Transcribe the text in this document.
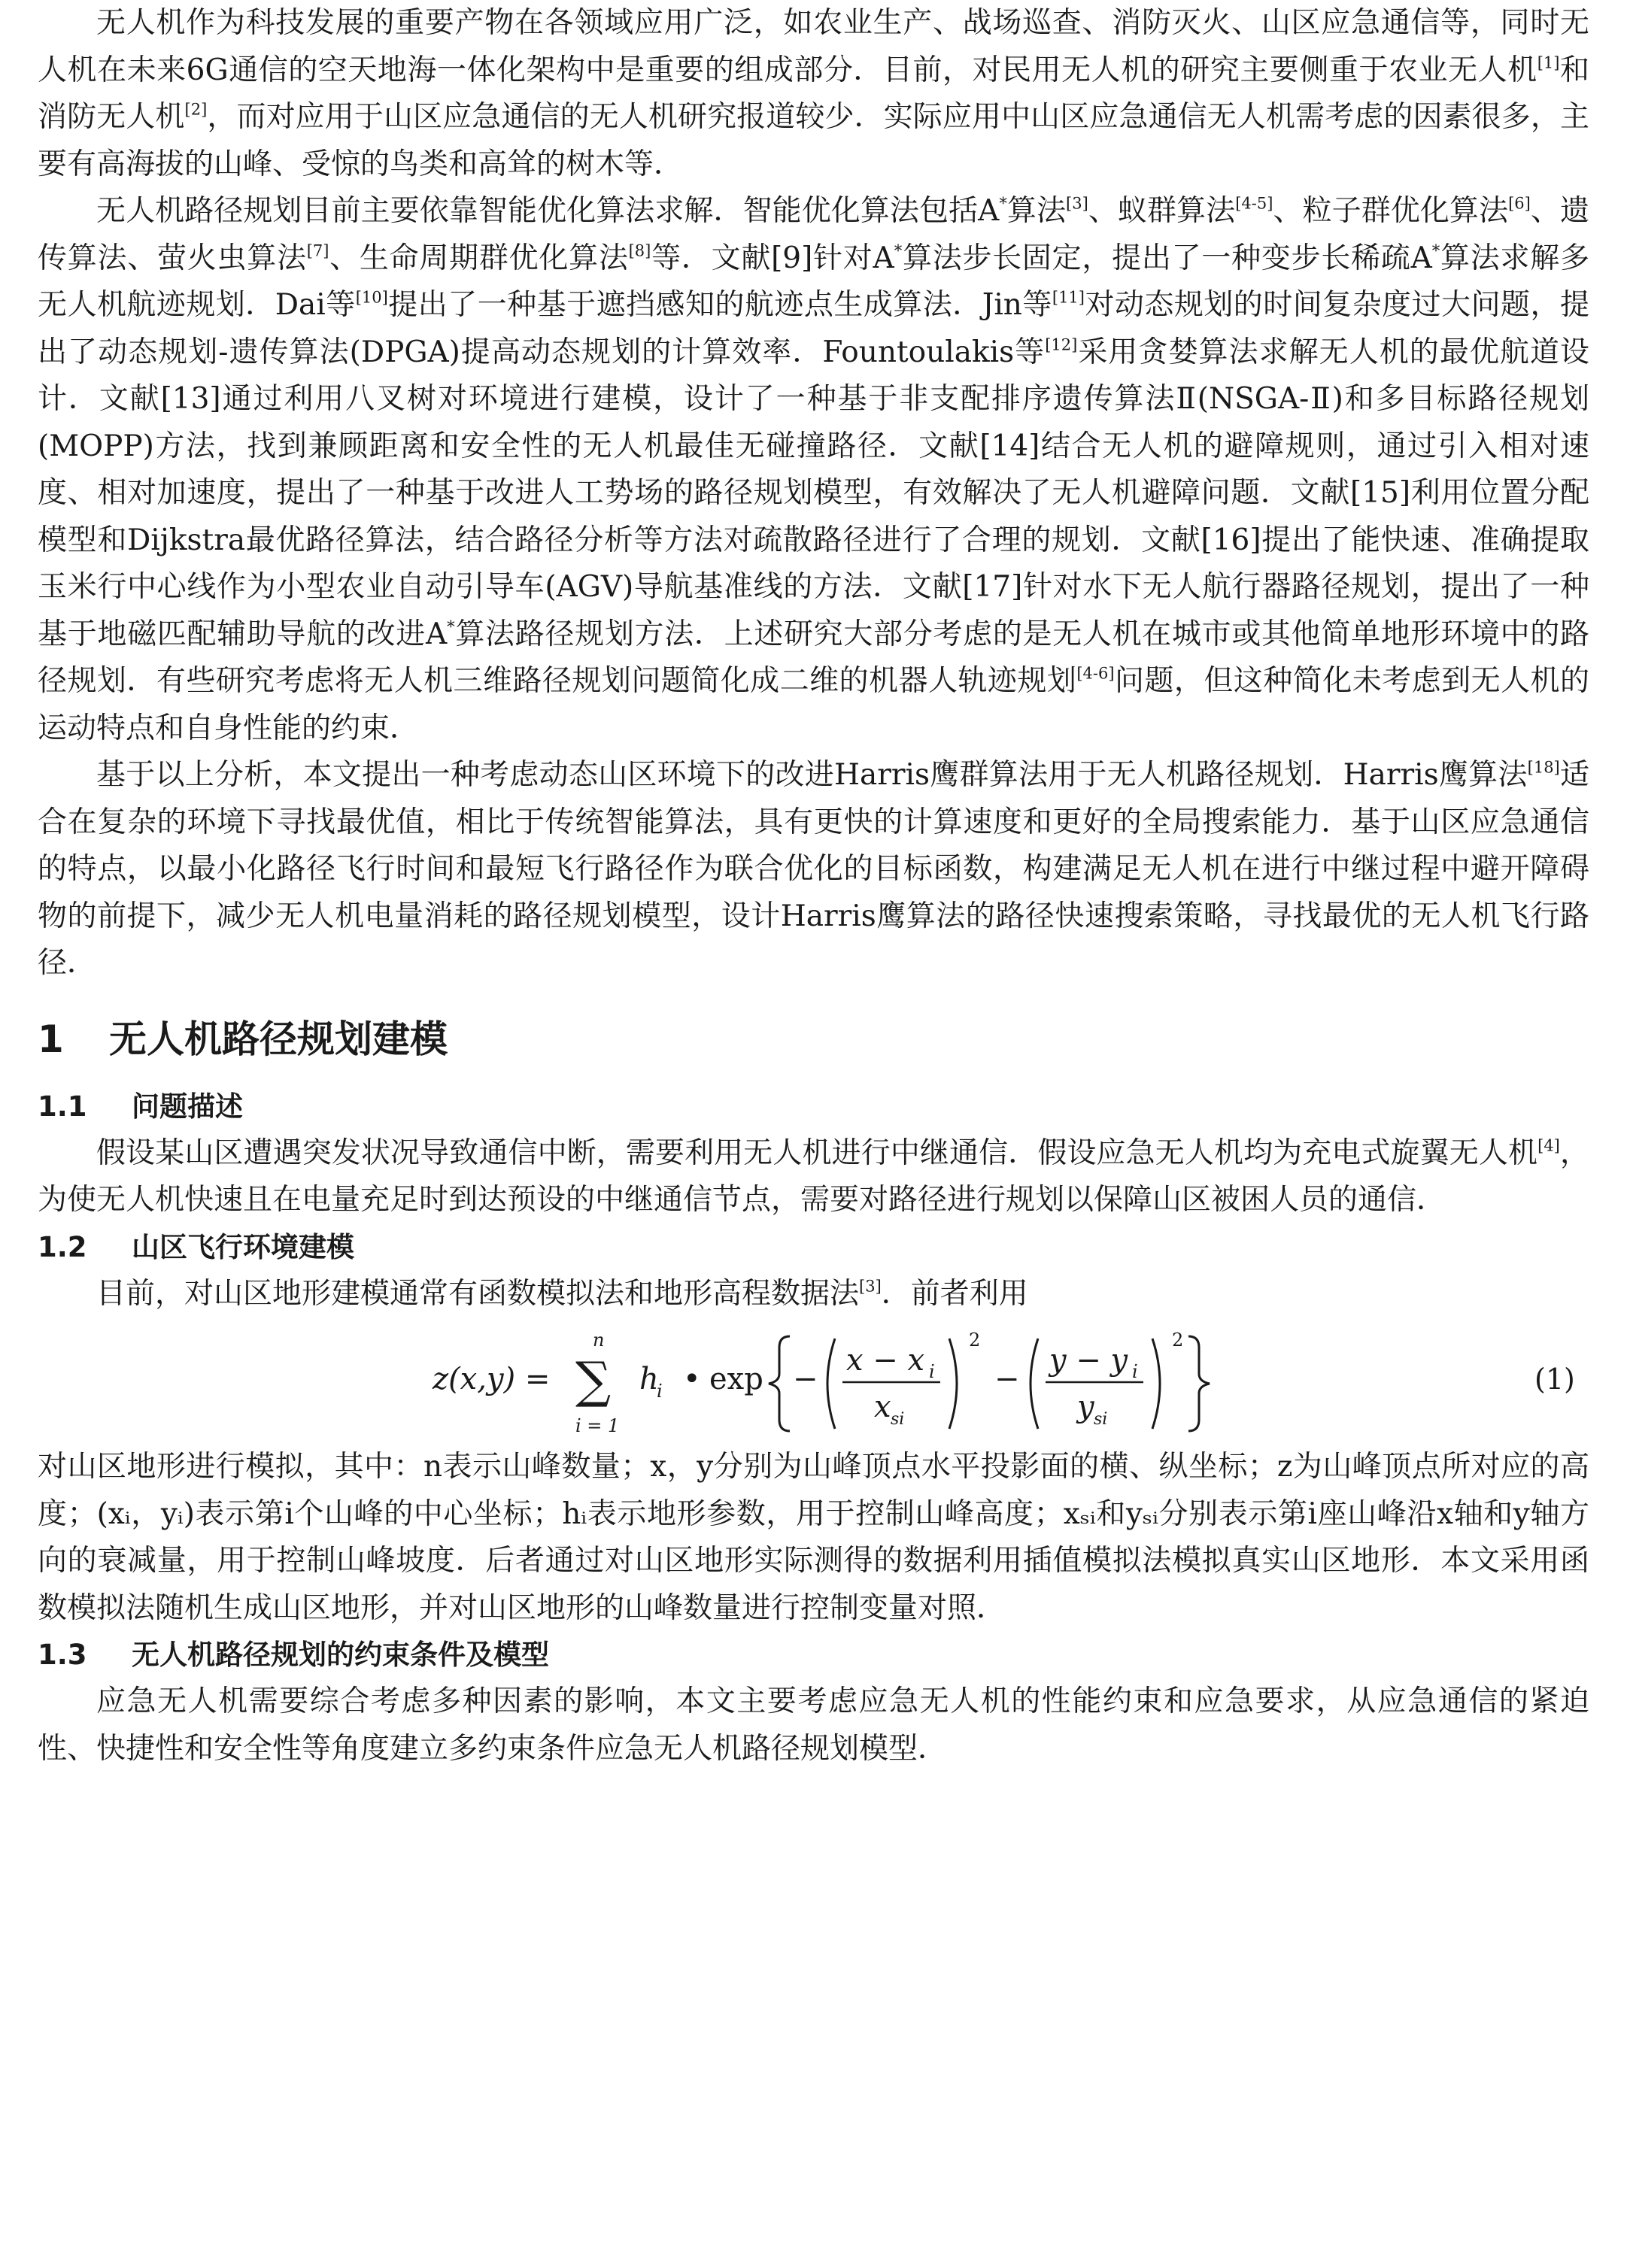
无人机作为科技发展的重要产物在各领域应用广泛，如农业生产、战场巡查、消防灭火、山区应急通信等，同时无人机在未来6G通信的空天地海一体化架构中是重要的组成部分．目前，对民用无人机的研究主要侧重于农业无人机[1]和消防无人机[2]，而对应用于山区应急通信的无人机研究报道较少．实际应用中山区应急通信无人机需考虑的因素很多，主要有高海拔的山峰、受惊的鸟类和高耸的树木等．

无人机路径规划目前主要依靠智能优化算法求解．智能优化算法包括A*算法[3]、蚁群算法[4-5]、粒子群优化算法[6]、遗传算法、萤火虫算法[7]、生命周期群优化算法[8]等．文献[9]针对A*算法步长固定，提出了一种变步长稀疏A*算法求解多无人机航迹规划．Dai等[10]提出了一种基于遮挡感知的航迹点生成算法．Jin等[11]对动态规划的时间复杂度过大问题，提出了动态规划-遗传算法(DPGA)提高动态规划的计算效率．Fountoulakis等[12]采用贪婪算法求解无人机的最优航道设计．文献[13]通过利用八叉树对环境进行建模，设计了一种基于非支配排序遗传算法Ⅱ(NSGA-Ⅱ)和多目标路径规划(MOPP)方法，找到兼顾距离和安全性的无人机最佳无碰撞路径．文献[14]结合无人机的避障规则，通过引入相对速度、相对加速度，提出了一种基于改进人工势场的路径规划模型，有效解决了无人机避障问题．文献[15]利用位置分配模型和Dijkstra最优路径算法，结合路径分析等方法对疏散路径进行了合理的规划．文献[16]提出了能快速、准确提取玉米行中心线作为小型农业自动引导车(AGV)导航基准线的方法．文献[17]针对水下无人航行器路径规划，提出了一种基于地磁匹配辅助导航的改进A*算法路径规划方法．上述研究大部分考虑的是无人机在城市或其他简单地形环境中的路径规划．有些研究考虑将无人机三维路径规划问题简化成二维的机器人轨迹规划[4-6]问题，但这种简化未考虑到无人机的运动特点和自身性能的约束．

基于以上分析，本文提出一种考虑动态山区环境下的改进Harris鹰群算法用于无人机路径规划．Harris鹰算法[18]适合在复杂的环境下寻找最优值，相比于传统智能算法，具有更快的计算速度和更好的全局搜索能力．基于山区应急通信的特点，以最小化路径飞行时间和最短飞行路径作为联合优化的目标函数，构建满足无人机在进行中继过程中避开障碍物的前提下，减少无人机电量消耗的路径规划模型，设计Harris鹰算法的路径快速搜索策略，寻找最优的无人机飞行路径．

1 无人机路径规划建模
1.1 问题描述

假设某山区遭遇突发状况导致通信中断，需要利用无人机进行中继通信．假设应急无人机均为充电式旋翼无人机[4]，为使无人机快速且在电量充足时到达预设的中继通信节点，需要对路径进行规划以保障山区被困人员的通信．

1.2 山区飞行环境建模

目前，对山区地形建模通常有函数模拟法和地形高程数据法[3]．前者利用

z(x,y) =
n
∑
i = 1
h
i • exp −
x − x i
x si
2
−
y − y i
y si
2
(1)

对山区地形进行模拟，其中：n表示山峰数量；x，y分别为山峰顶点水平投影面的横、纵坐标；z为山峰顶点所对应的高度；(xᵢ，yᵢ)表示第i个山峰的中心坐标；hᵢ表示地形参数，用于控制山峰高度；xₛᵢ和yₛᵢ分别表示第i座山峰沿x轴和y轴方向的衰减量，用于控制山峰坡度．后者通过对山区地形实际测得的数据利用插值模拟法模拟真实山区地形．本文采用函数模拟法随机生成山区地形，并对山区地形的山峰数量进行控制变量对照．

1.3 无人机路径规划的约束条件及模型

应急无人机需要综合考虑多种因素的影响，本文主要考虑应急无人机的性能约束和应急要求，从应急通信的紧迫性、快捷性和安全性等角度建立多约束条件应急无人机路径规划模型．
